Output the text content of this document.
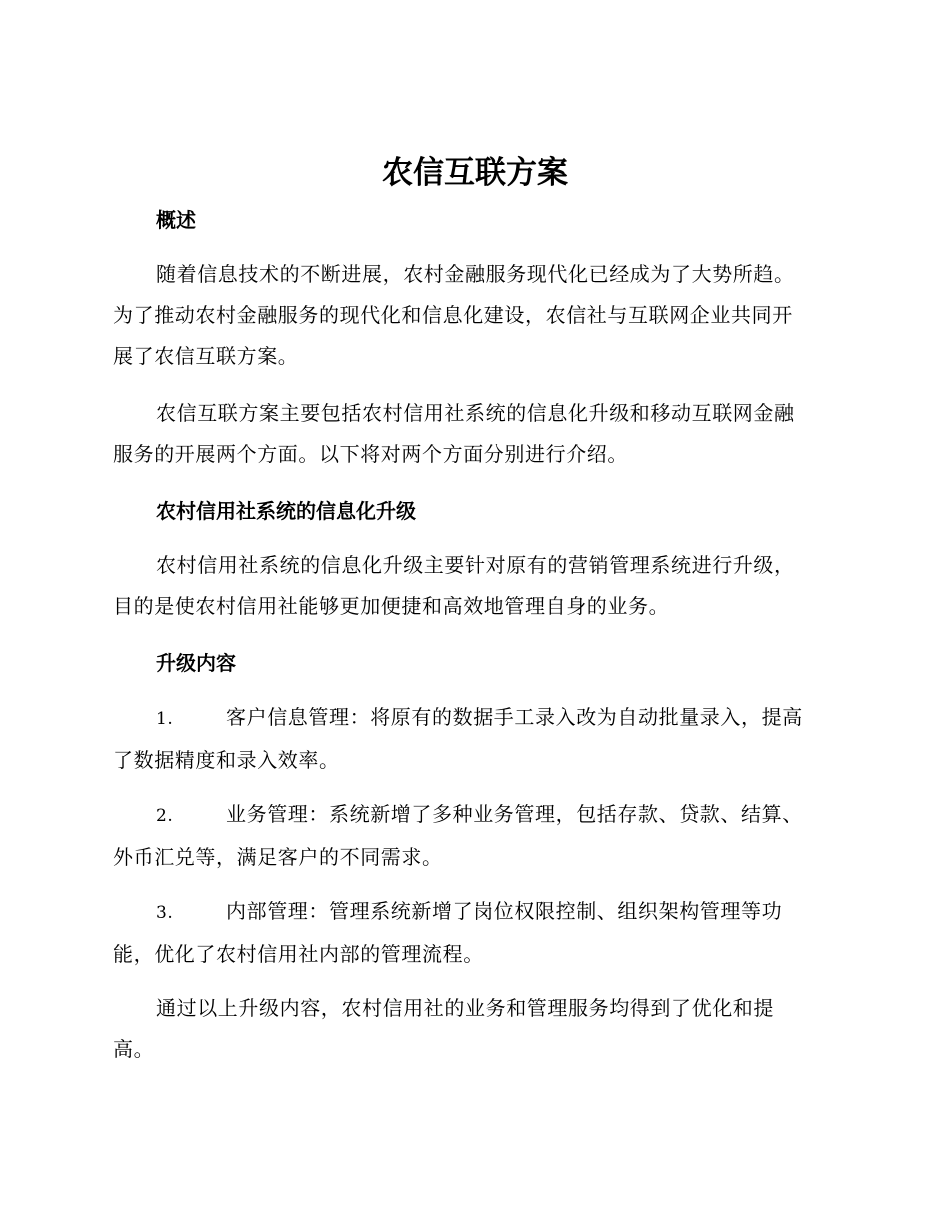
农信互联方案
概述

随着信息技术的不断进展，农村金融服务现代化已经成为了大势所趋。
为了推动农村金融服务的现代化和信息化建设，农信社与互联网企业共同开
展了农信互联方案。

农信互联方案主要包括农村信用社系统的信息化升级和移动互联网金融
服务的开展两个方面。以下将对两个方面分别进行介绍。

农村信用社系统的信息化升级

农村信用社系统的信息化升级主要针对原有的营销管理系统进行升级，
目的是使农村信用社能够更加便捷和高效地管理自身的业务。

升级内容

1.	客户信息管理：将原有的数据手工录入改为自动批量录入，提高
了数据精度和录入效率。

2.	业务管理：系统新增了多种业务管理，包括存款、贷款、结算、
外币汇兑等，满足客户的不同需求。

3.	内部管理：管理系统新增了岗位权限控制、组织架构管理等功
能，优化了农村信用社内部的管理流程。

通过以上升级内容，农村信用社的业务和管理服务均得到了优化和提
高。
